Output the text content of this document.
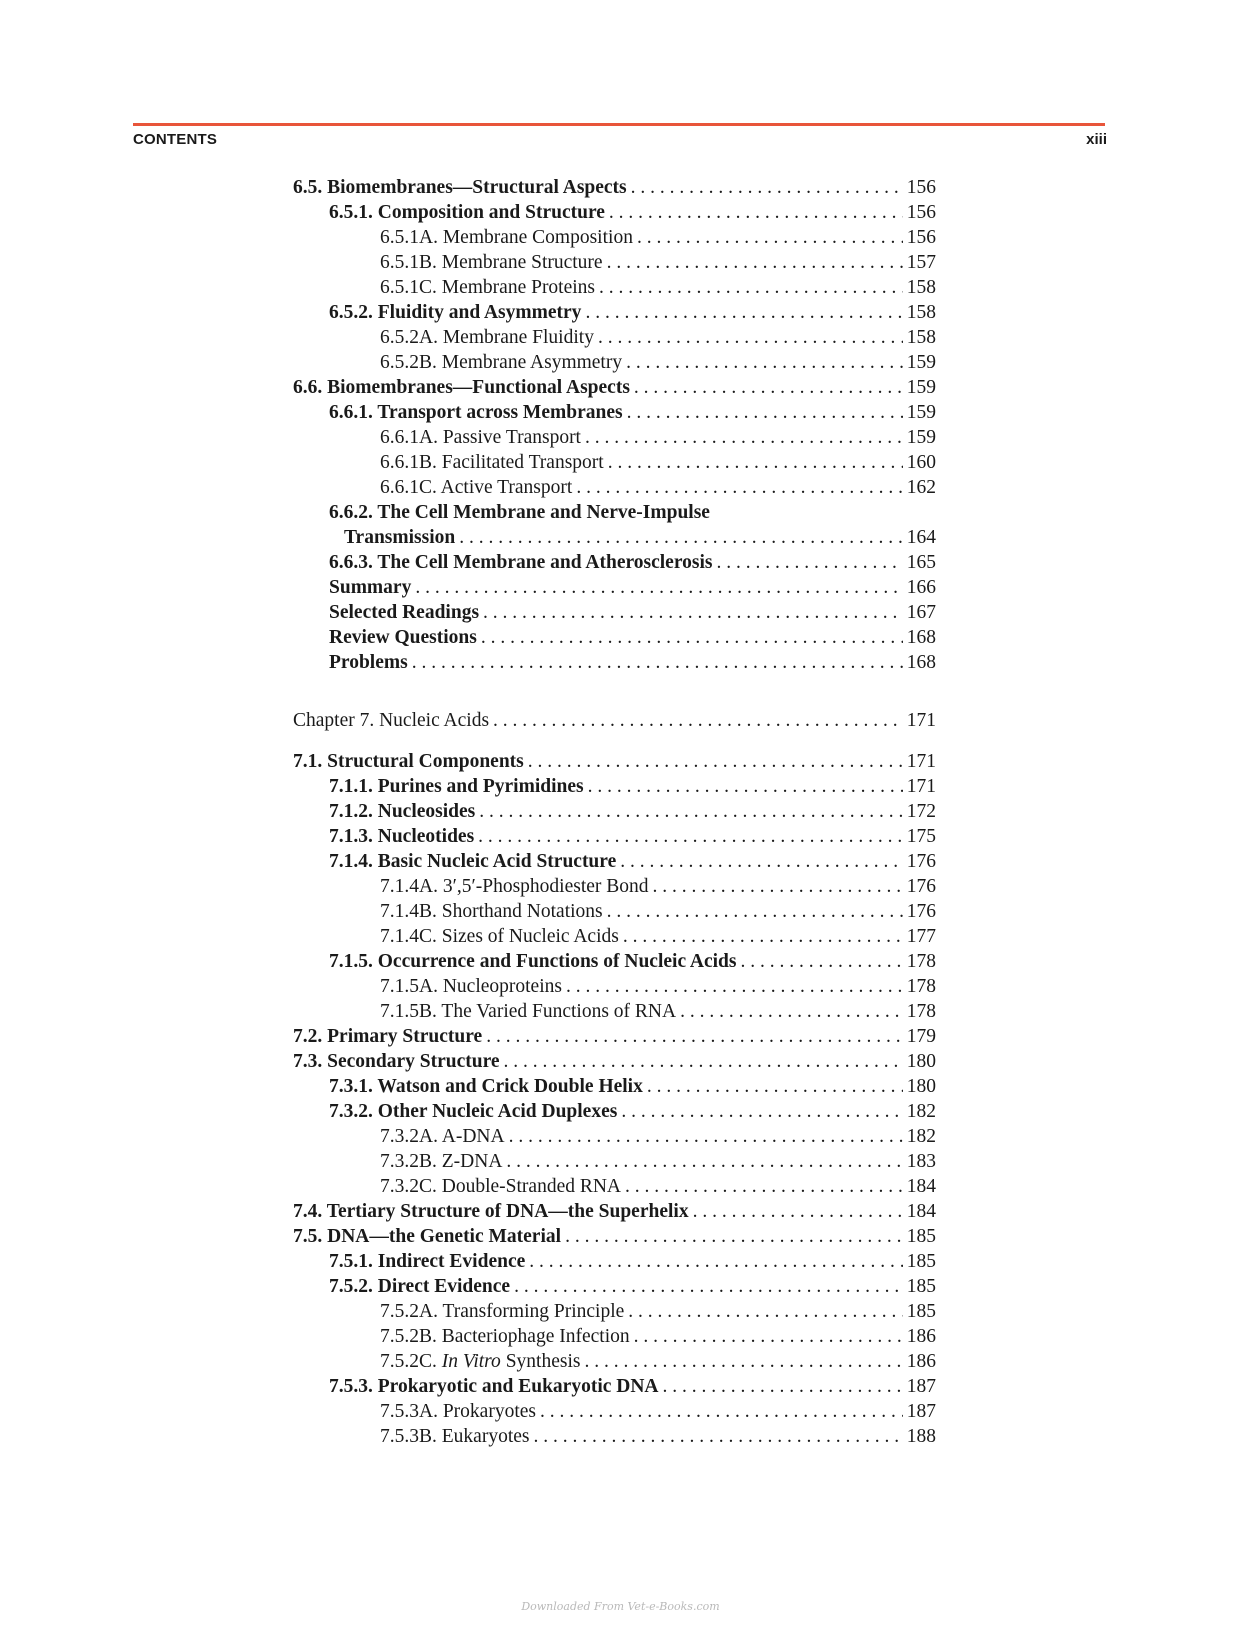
CONTENTS	xiii
6.5. Biomembranes—Structural Aspects . . .	156
6.5.1. Composition and Structure . . .	156
6.5.1A. Membrane Composition . . .	156
6.5.1B. Membrane Structure . . .	157
6.5.1C. Membrane Proteins . . .	158
6.5.2. Fluidity and Asymmetry . . .	158
6.5.2A. Membrane Fluidity . . .	158
6.5.2B. Membrane Asymmetry . . .	159
6.6. Biomembranes—Functional Aspects . . .	159
6.6.1. Transport across Membranes . . .	159
6.6.1A. Passive Transport . . .	159
6.6.1B. Facilitated Transport . . .	160
6.6.1C. Active Transport . . .	162
6.6.2. The Cell Membrane and Nerve-Impulse
Transmission . . .	164
6.6.3. The Cell Membrane and Atherosclerosis . . .	165
Summary . . .	166
Selected Readings . . .	167
Review Questions . . .	168
Problems . . .	168
Chapter 7. Nucleic Acids . . .	171
7.1. Structural Components . . .	171
7.1.1. Purines and Pyrimidines . . .	171
7.1.2. Nucleosides . . .	172
7.1.3. Nucleotides . . .	175
7.1.4. Basic Nucleic Acid Structure . . .	176
7.1.4A. 3′,5′-Phosphodiester Bond . . .	176
7.1.4B. Shorthand Notations . . .	176
7.1.4C. Sizes of Nucleic Acids . . .	177
7.1.5. Occurrence and Functions of Nucleic Acids . . .	178
7.1.5A. Nucleoproteins . . .	178
7.1.5B. The Varied Functions of RNA . . .	178
7.2. Primary Structure . . .	179
7.3. Secondary Structure . . .	180
7.3.1. Watson and Crick Double Helix . . .	180
7.3.2. Other Nucleic Acid Duplexes . . .	182
7.3.2A. A-DNA . . .	182
7.3.2B. Z-DNA . . .	183
7.3.2C. Double-Stranded RNA . . .	184
7.4. Tertiary Structure of DNA—the Superhelix . . .	184
7.5. DNA—the Genetic Material . . .	185
7.5.1. Indirect Evidence . . .	185
7.5.2. Direct Evidence . . .	185
7.5.2A. Transforming Principle . . .	185
7.5.2B. Bacteriophage Infection . . .	186
7.5.2C. In Vitro Synthesis . . .	186
7.5.3. Prokaryotic and Eukaryotic DNA . . .	187
7.5.3A. Prokaryotes . . .	187
7.5.3B. Eukaryotes . . .	188
Downloaded From Vet-e-Books.com
